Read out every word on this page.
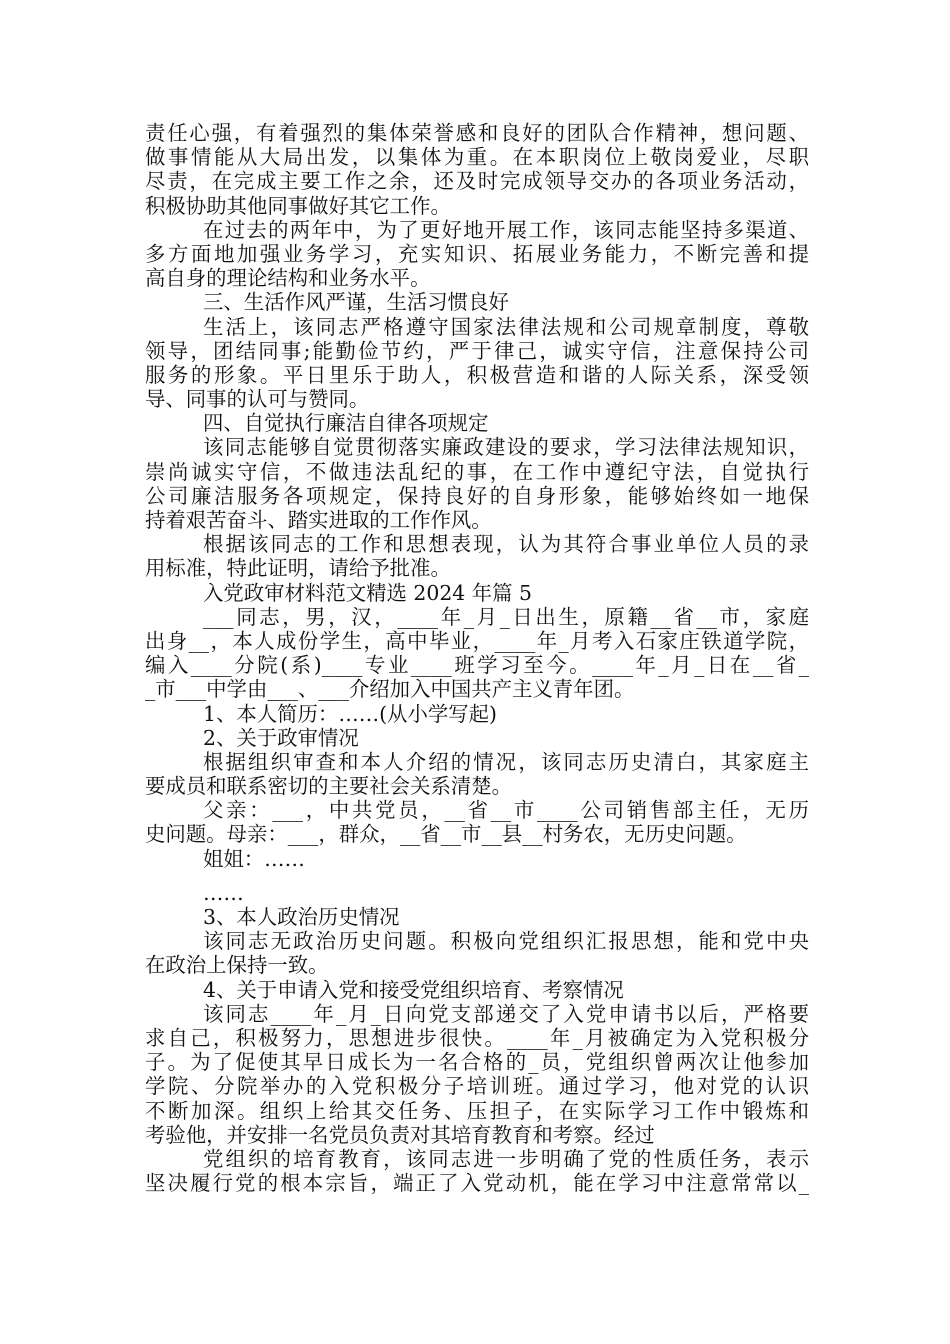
责任心强，有着强烈的集体荣誉感和良好的团队合作精神，想问题、
做事情能从大局出发，以集体为重。在本职岗位上敬岗爱业，尽职
尽责，在完成主要工作之余，还及时完成领导交办的各项业务活动，
积极协助其他同事做好其它工作。
在过去的两年中，为了更好地开展工作，该同志能坚持多渠道、
多方面地加强业务学习，充实知识、拓展业务能力，不断完善和提
高自身的理论结构和业务水平。
三、生活作风严谨，生活习惯良好
生活上，该同志严格遵守国家法律法规和公司规章制度，尊敬
领导，团结同事;能勤俭节约，严于律己，诚实守信，注意保持公司
服务的形象。平日里乐于助人，积极营造和谐的人际关系，深受领
导、同事的认可与赞同。
四、自觉执行廉洁自律各项规定
该同志能够自觉贯彻落实廉政建设的要求，学习法律法规知识，
崇尚诚实守信，不做违法乱纪的事，在工作中遵纪守法，自觉执行
公司廉洁服务各项规定，保持良好的自身形象，能够始终如一地保
持着艰苦奋斗、踏实进取的工作作风。
根据该同志的工作和思想表现，认为其符合事业单位人员的录
用标准，特此证明，请给予批准。
入党政审材料范文精选 2024 年篇 5
___同志，男，汉，____年_月_日出生，原籍__省__市，家庭
出身__，本人成份学生，高中毕业，____年_月考入石家庄铁道学院，
编入____分院(系)____专业____班学习至今。____年_月_日在__省_
_市___中学由___、___介绍加入中国共产主义青年团。
1、本人简历：……(从小学写起)
2、关于政审情况
根据组织审查和本人介绍的情况，该同志历史清白，其家庭主
要成员和联系密切的主要社会关系清楚。
父亲：___，中共党员，__省__市____公司销售部主任，无历
史问题。母亲：___，群众，__省__市__县__村务农，无历史问题。
姐姐：……
……
3、本人政治历史情况
该同志无政治历史问题。积极向党组织汇报思想，能和党中央
在政治上保持一致。
4、关于申请入党和接受党组织培育、考察情况
该同志____年_月_日向党支部递交了入党申请书以后，严格要
求自己，积极努力，思想进步很快。____年_月被确定为入党积极分
子。为了促使其早日成长为一名合格的_员，党组织曾两次让他参加
学院、分院举办的入党积极分子培训班。通过学习，他对党的认识
不断加深。组织上给其交任务、压担子，在实际学习工作中锻炼和
考验他，并安排一名党员负责对其培育教育和考察。经过
党组织的培育教育，该同志进一步明确了党的性质任务，表示
坚决履行党的根本宗旨，端正了入党动机，能在学习中注意常常以_
